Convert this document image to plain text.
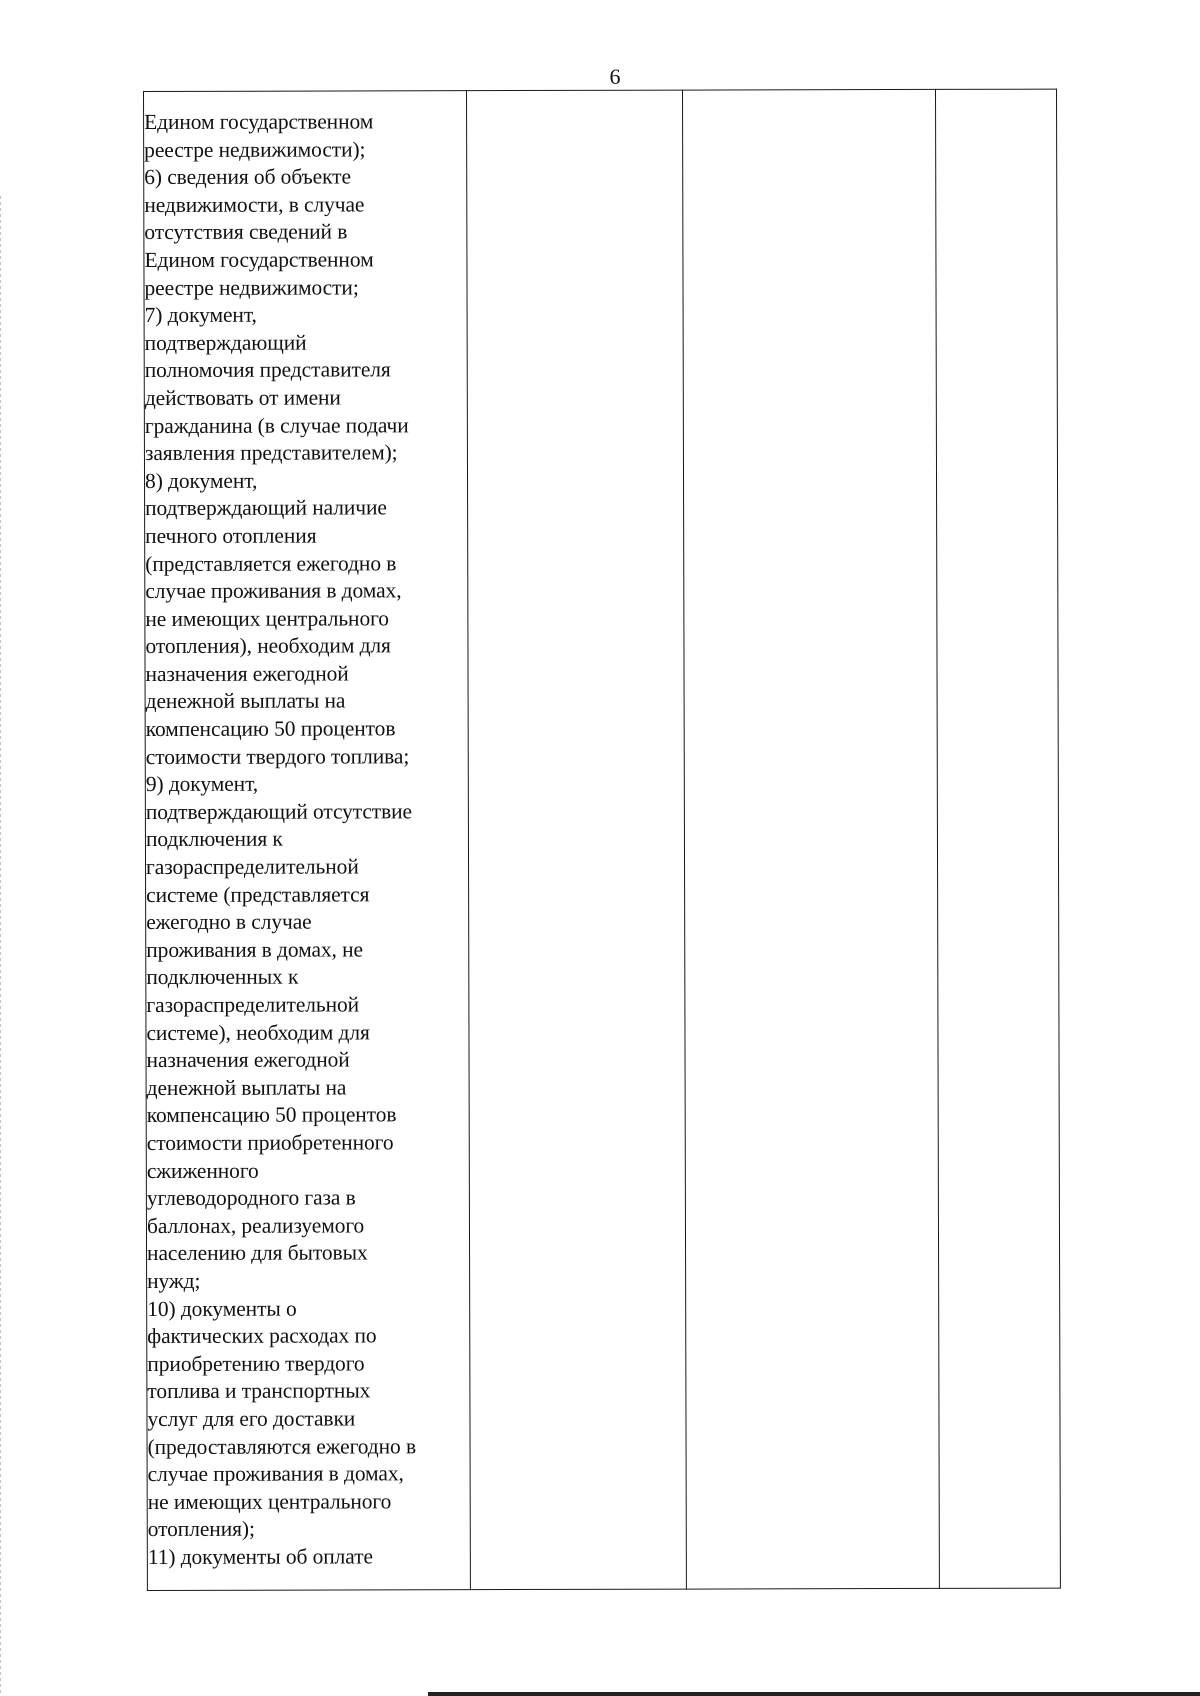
6
Едином государственном
реестре недвижимости);
6) сведения об объекте
недвижимости, в случае
отсутствия сведений в
Едином государственном
реестре недвижимости;
7) документ,
подтверждающий
полномочия представителя
действовать от имени
гражданина (в случае подачи
заявления представителем);
8) документ,
подтверждающий наличие
печного отопления
(представляется ежегодно в
случае проживания в домах,
не имеющих центрального
отопления), необходим для
назначения ежегодной
денежной выплаты на
компенсацию 50 процентов
стоимости твердого топлива;
9) документ,
подтверждающий отсутствие
подключения к
газораспределительной
системе (представляется
ежегодно в случае
проживания в домах, не
подключенных к
газораспределительной
системе), необходим для
назначения ежегодной
денежной выплаты на
компенсацию 50 процентов
стоимости приобретенного
сжиженного
углеводородного газа в
баллонах, реализуемого
населению для бытовых
нужд;
10) документы о
фактических расходах по
приобретению твердого
топлива и транспортных
услуг для его доставки
(предоставляются ежегодно в
случае проживания в домах,
не имеющих центрального
отопления);
11) документы об оплате
